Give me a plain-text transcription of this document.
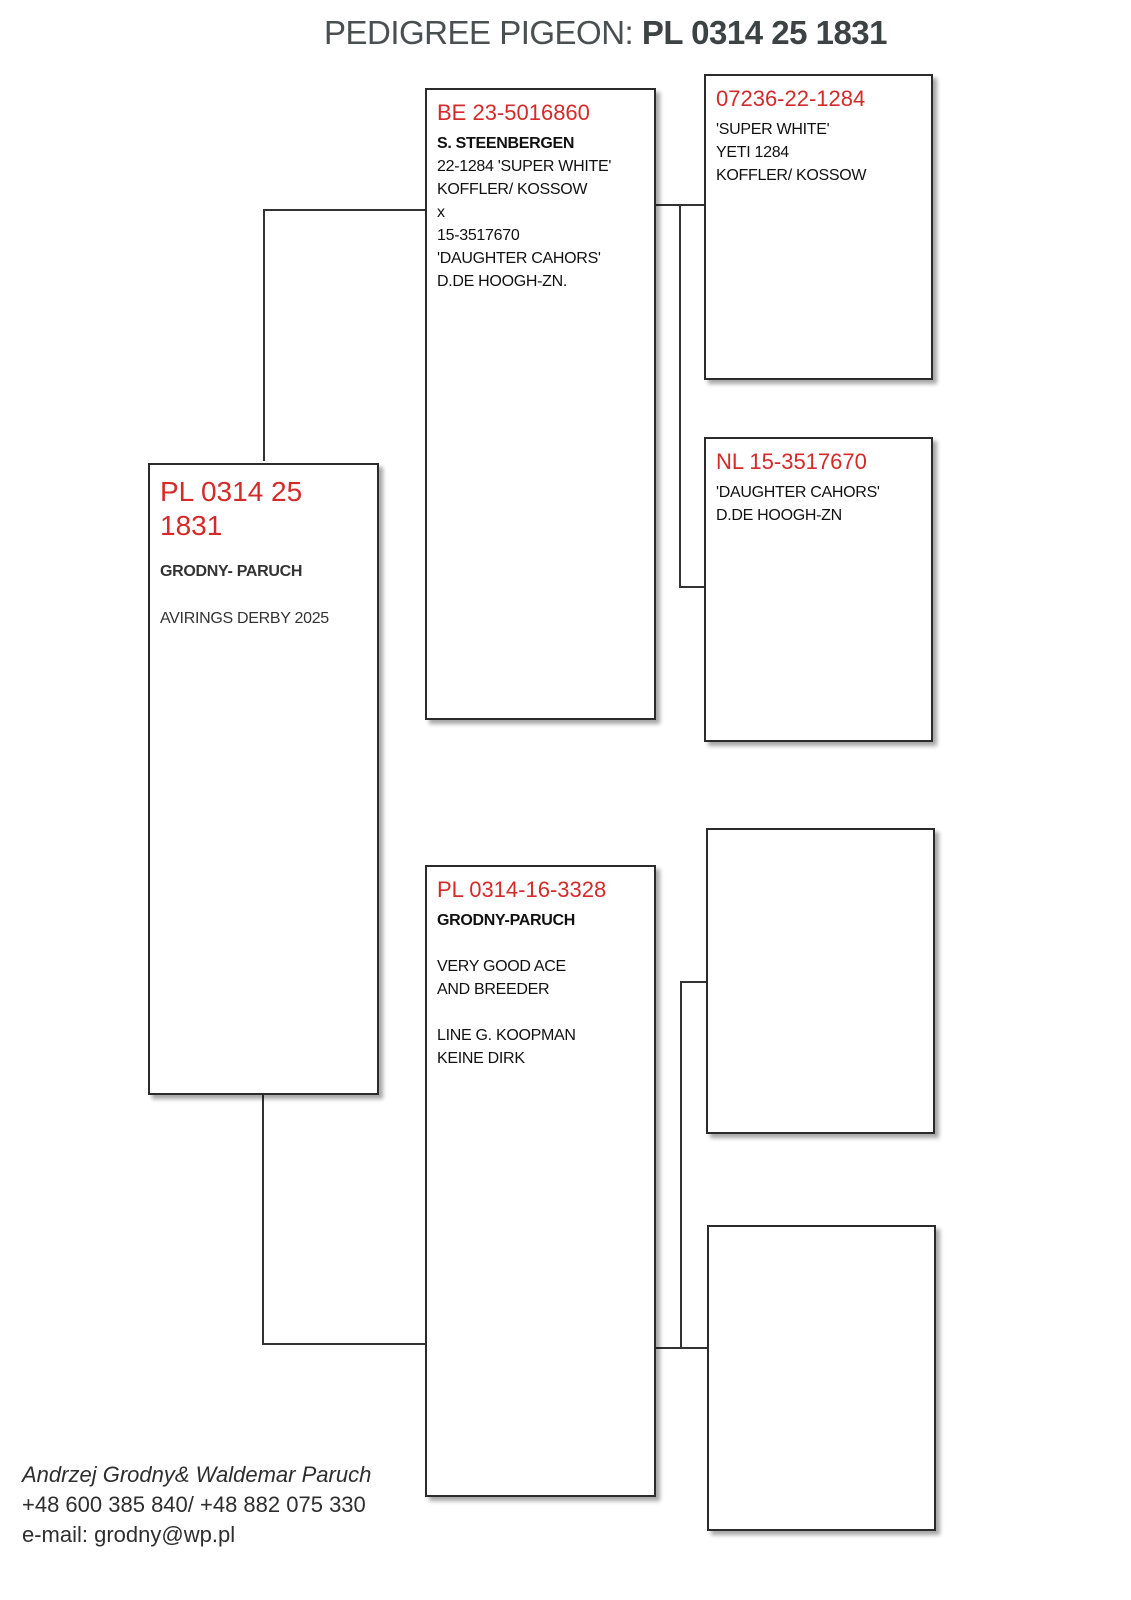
PEDIGREE PIGEON: PL 0314 25 1831
PL 0314 25 1831
GRODNY- PARUCH
AVIRINGS DERBY 2025
BE 23-5016860
S. STEENBERGEN
22-1284 'SUPER WHITE'
KOFFLER/ KOSSOW
x
15-3517670
'DAUGHTER CAHORS'
D.DE HOOGH-ZN.
07236-22-1284
'SUPER WHITE'
YETI 1284
KOFFLER/ KOSSOW
NL 15-3517670
'DAUGHTER CAHORS'
D.DE HOOGH-ZN
PL 0314-16-3328
GRODNY-PARUCH
VERY GOOD ACE
AND BREEDER
LINE G. KOOPMAN
KEINE DIRK
Andrzej Grodny& Waldemar Paruch
+48 600 385 840/ +48 882 075 330
e-mail: grodny@wp.pl
